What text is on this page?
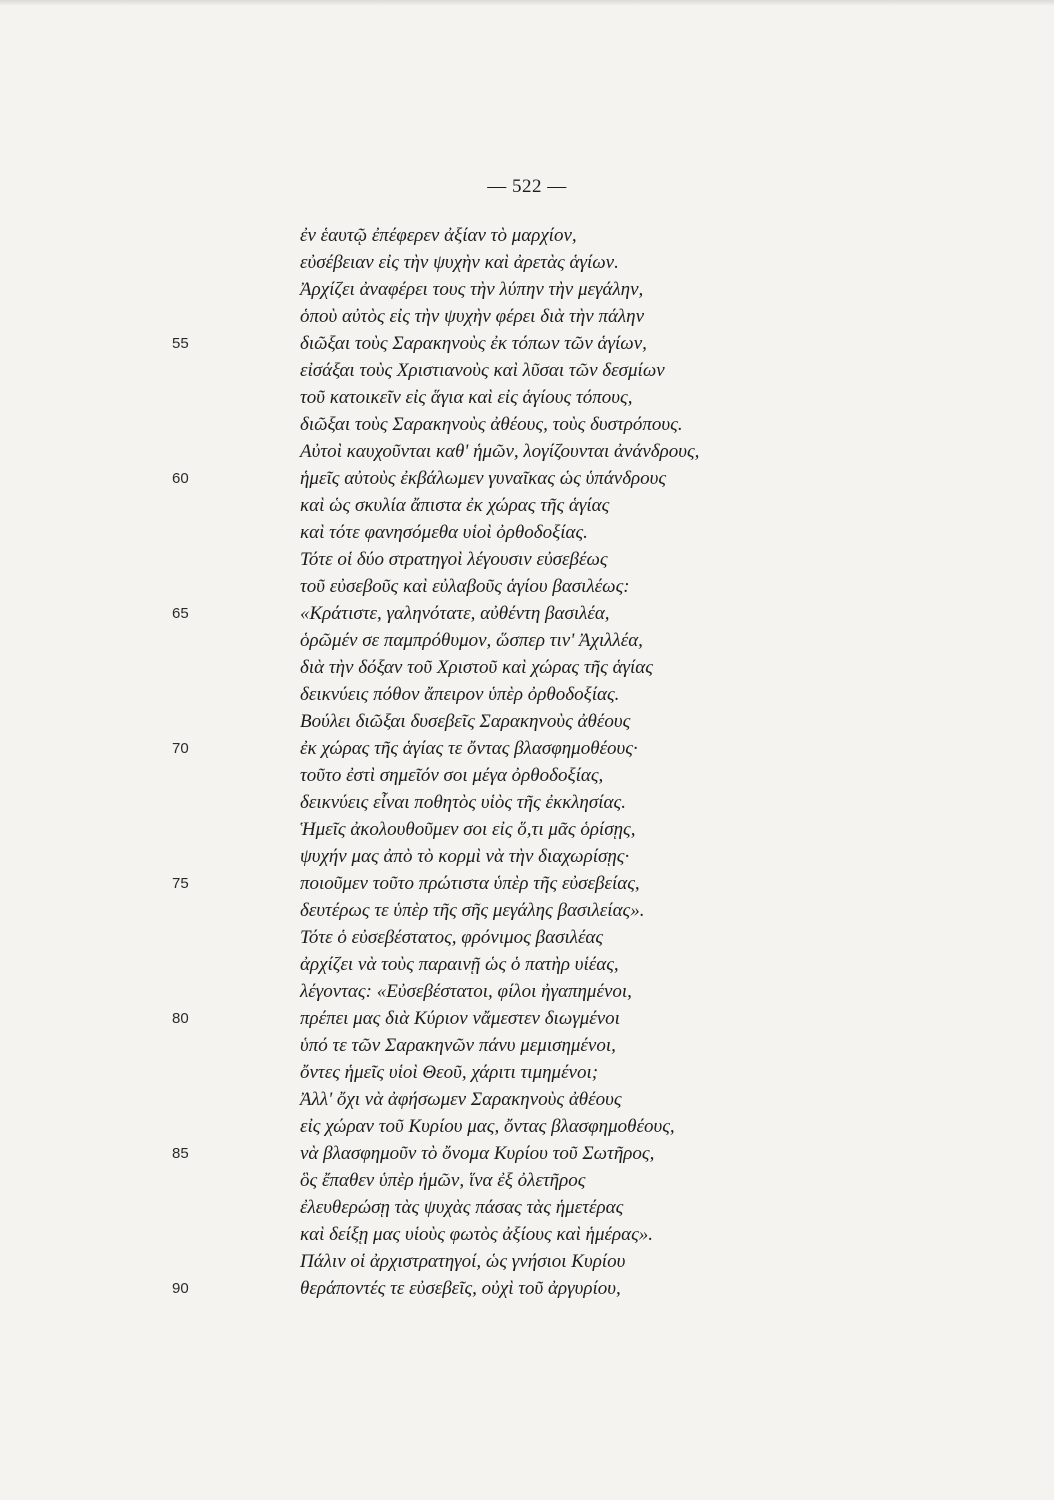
— 522 —
ἐν ἑαυτῷ ἐπέφερεν ἀξίαν τὸ μαρχίον,
εὐσέβειαν εἰς τὴν ψυχὴν καὶ ἀρετὰς ἁγίων.
Ἀρχίζει ἀναφέρει τους τὴν λύπην τὴν μεγάλην,
ὁποὺ αὐτὸς εἰς τὴν ψυχὴν φέρει διὰ τὴν πάλην
διῶξαι τοὺς Σαρακηνοὺς ἐκ τόπων τῶν ἁγίων,
εἰσάξαι τοὺς Χριστιανοὺς καὶ λῦσαι τῶν δεσμίων
τοῦ κατοικεῖν εἰς ἅγια καὶ εἰς ἁγίους τόπους,
διῶξαι τοὺς Σαρακηνοὺς ἀθέους, τοὺς δυστρόπους.
Αὐτοὶ καυχοῦνται καθ' ἡμῶν, λογίζουνται ἀνάνδρους,
ἡμεῖς αὐτοὺς ἐκβάλωμεν γυναῖκας ὡς ὑπάνδρους
καὶ ὡς σκυλία ἄπιστα ἐκ χώρας τῆς ἁγίας
καὶ τότε φανησόμεθα υἱοὶ ὀρθοδοξίας.
Τότε οἱ δύο στρατηγοὶ λέγουσιν εὐσεβέως
τοῦ εὐσεβοῦς καὶ εὐλαβοῦς ἁγίου βασιλέως:
«Κράτιστε, γαληνότατε, αὐθέντη βασιλέα,
ὁρῶμέν σε παμπρόθυμον, ὥσπερ τιν' Ἀχιλλέα,
διὰ τὴν δόξαν τοῦ Χριστοῦ καὶ χώρας τῆς ἁγίας
δεικνύεις πόθον ἄπειρον ὑπὲρ ὀρθοδοξίας.
Βούλει διῶξαι δυσεβεῖς Σαρακηνοὺς ἀθέους
ἐκ χώρας τῆς ἁγίας τε ὄντας βλασφημοθέους·
τοῦτο ἐστὶ σημεῖόν σοι μέγα ὀρθοδοξίας,
δεικνύεις εἶναι ποθητὸς υἱὸς τῆς ἐκκλησίας.
Ἡμεῖς ἀκολουθοῦμεν σοι εἰς ὅ,τι μᾶς ὁρίσῃς,
ψυχήν μας ἀπὸ τὸ κορμὶ νὰ τὴν διαχωρίσῃς·
ποιοῦμεν τοῦτο πρώτιστα ὑπὲρ τῆς εὐσεβείας,
δευτέρως τε ὑπὲρ τῆς σῆς μεγάλης βασιλείας».
Τότε ὁ εὐσεβέστατος, φρόνιμος βασιλέας
ἀρχίζει νὰ τοὺς παραινῇ ὡς ὁ πατὴρ υἱέας,
λέγοντας: «Εὐσεβέστατοι, φίλοι ἠγαπημένοι,
πρέπει μας διὰ Κύριον νἄμεστεν διωγμένοι
ὑπό τε τῶν Σαρακηνῶν πάνυ μεμισημένοι,
ὄντες ἡμεῖς υἱοὶ Θεοῦ, χάριτι τιμημένοι;
Ἀλλ' ὄχι νὰ ἀφήσωμεν Σαρακηνοὺς ἀθέους
εἰς χώραν τοῦ Κυρίου μας, ὄντας βλασφημοθέους,
νὰ βλασφημοῦν τὸ ὄνομα Κυρίου τοῦ Σωτῆρος,
ὃς ἔπαθεν ὑπὲρ ἡμῶν, ἵνα ἐξ ὀλετῆρος
ἐλευθερώσῃ τὰς ψυχὰς πάσας τὰς ἡμετέρας
καὶ δείξῃ μας υἱοὺς φωτὸς ἀξίους καὶ ἡμέρας».
Πάλιν οἱ ἀρχιστρατηγοί, ὡς γνήσιοι Κυρίου
θεράποντές τε εὐσεβεῖς, οὐχὶ τοῦ ἀργυρίου,
55
60
65
70
75
80
85
90
